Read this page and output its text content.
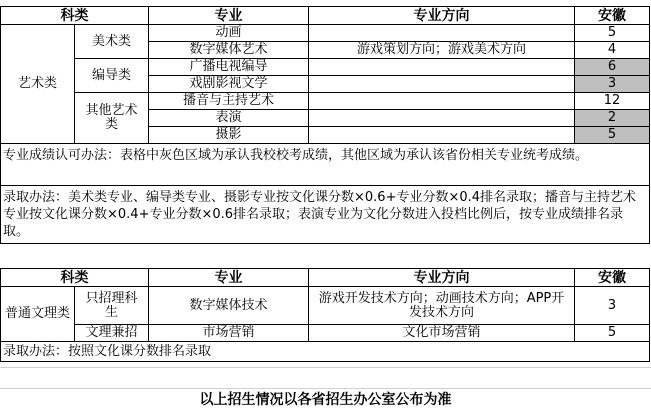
科类		专业	专业方向	安徽
艺术类	美术类	动画		5
		数字媒体艺术	游戏策划方向；游戏美术方向	4
	编导类	广播电视编导		6
		戏剧影视文学		3
	其他艺术类	播音与主持艺术		12
		表演		2
		摄影		5
专业成绩认可办法：表格中灰色区域为承认我校校考成绩，其他区域为承认该省份相关专业统考成绩。				
录取办法：美术类专业、编导类专业、摄影专业按文化课分数×0.6+专业分数×0.4排名录取；播音与主持艺术专业按文化课分数×0.4+专业分数×0.6排名录取；表演专业为文化分数进入投档比例后，按专业成绩排名录取。				
科类		专业	专业方向	安徽
普通文理类	只招理科生	数字媒体技术	游戏开发技术方向；动画技术方向；APP开发技术方向	3
	文理兼招	市场营销	文化市场营销	5
录取办法：按照文化课分数排名录取				
以上招生情况以各省招生办公室公布为准
